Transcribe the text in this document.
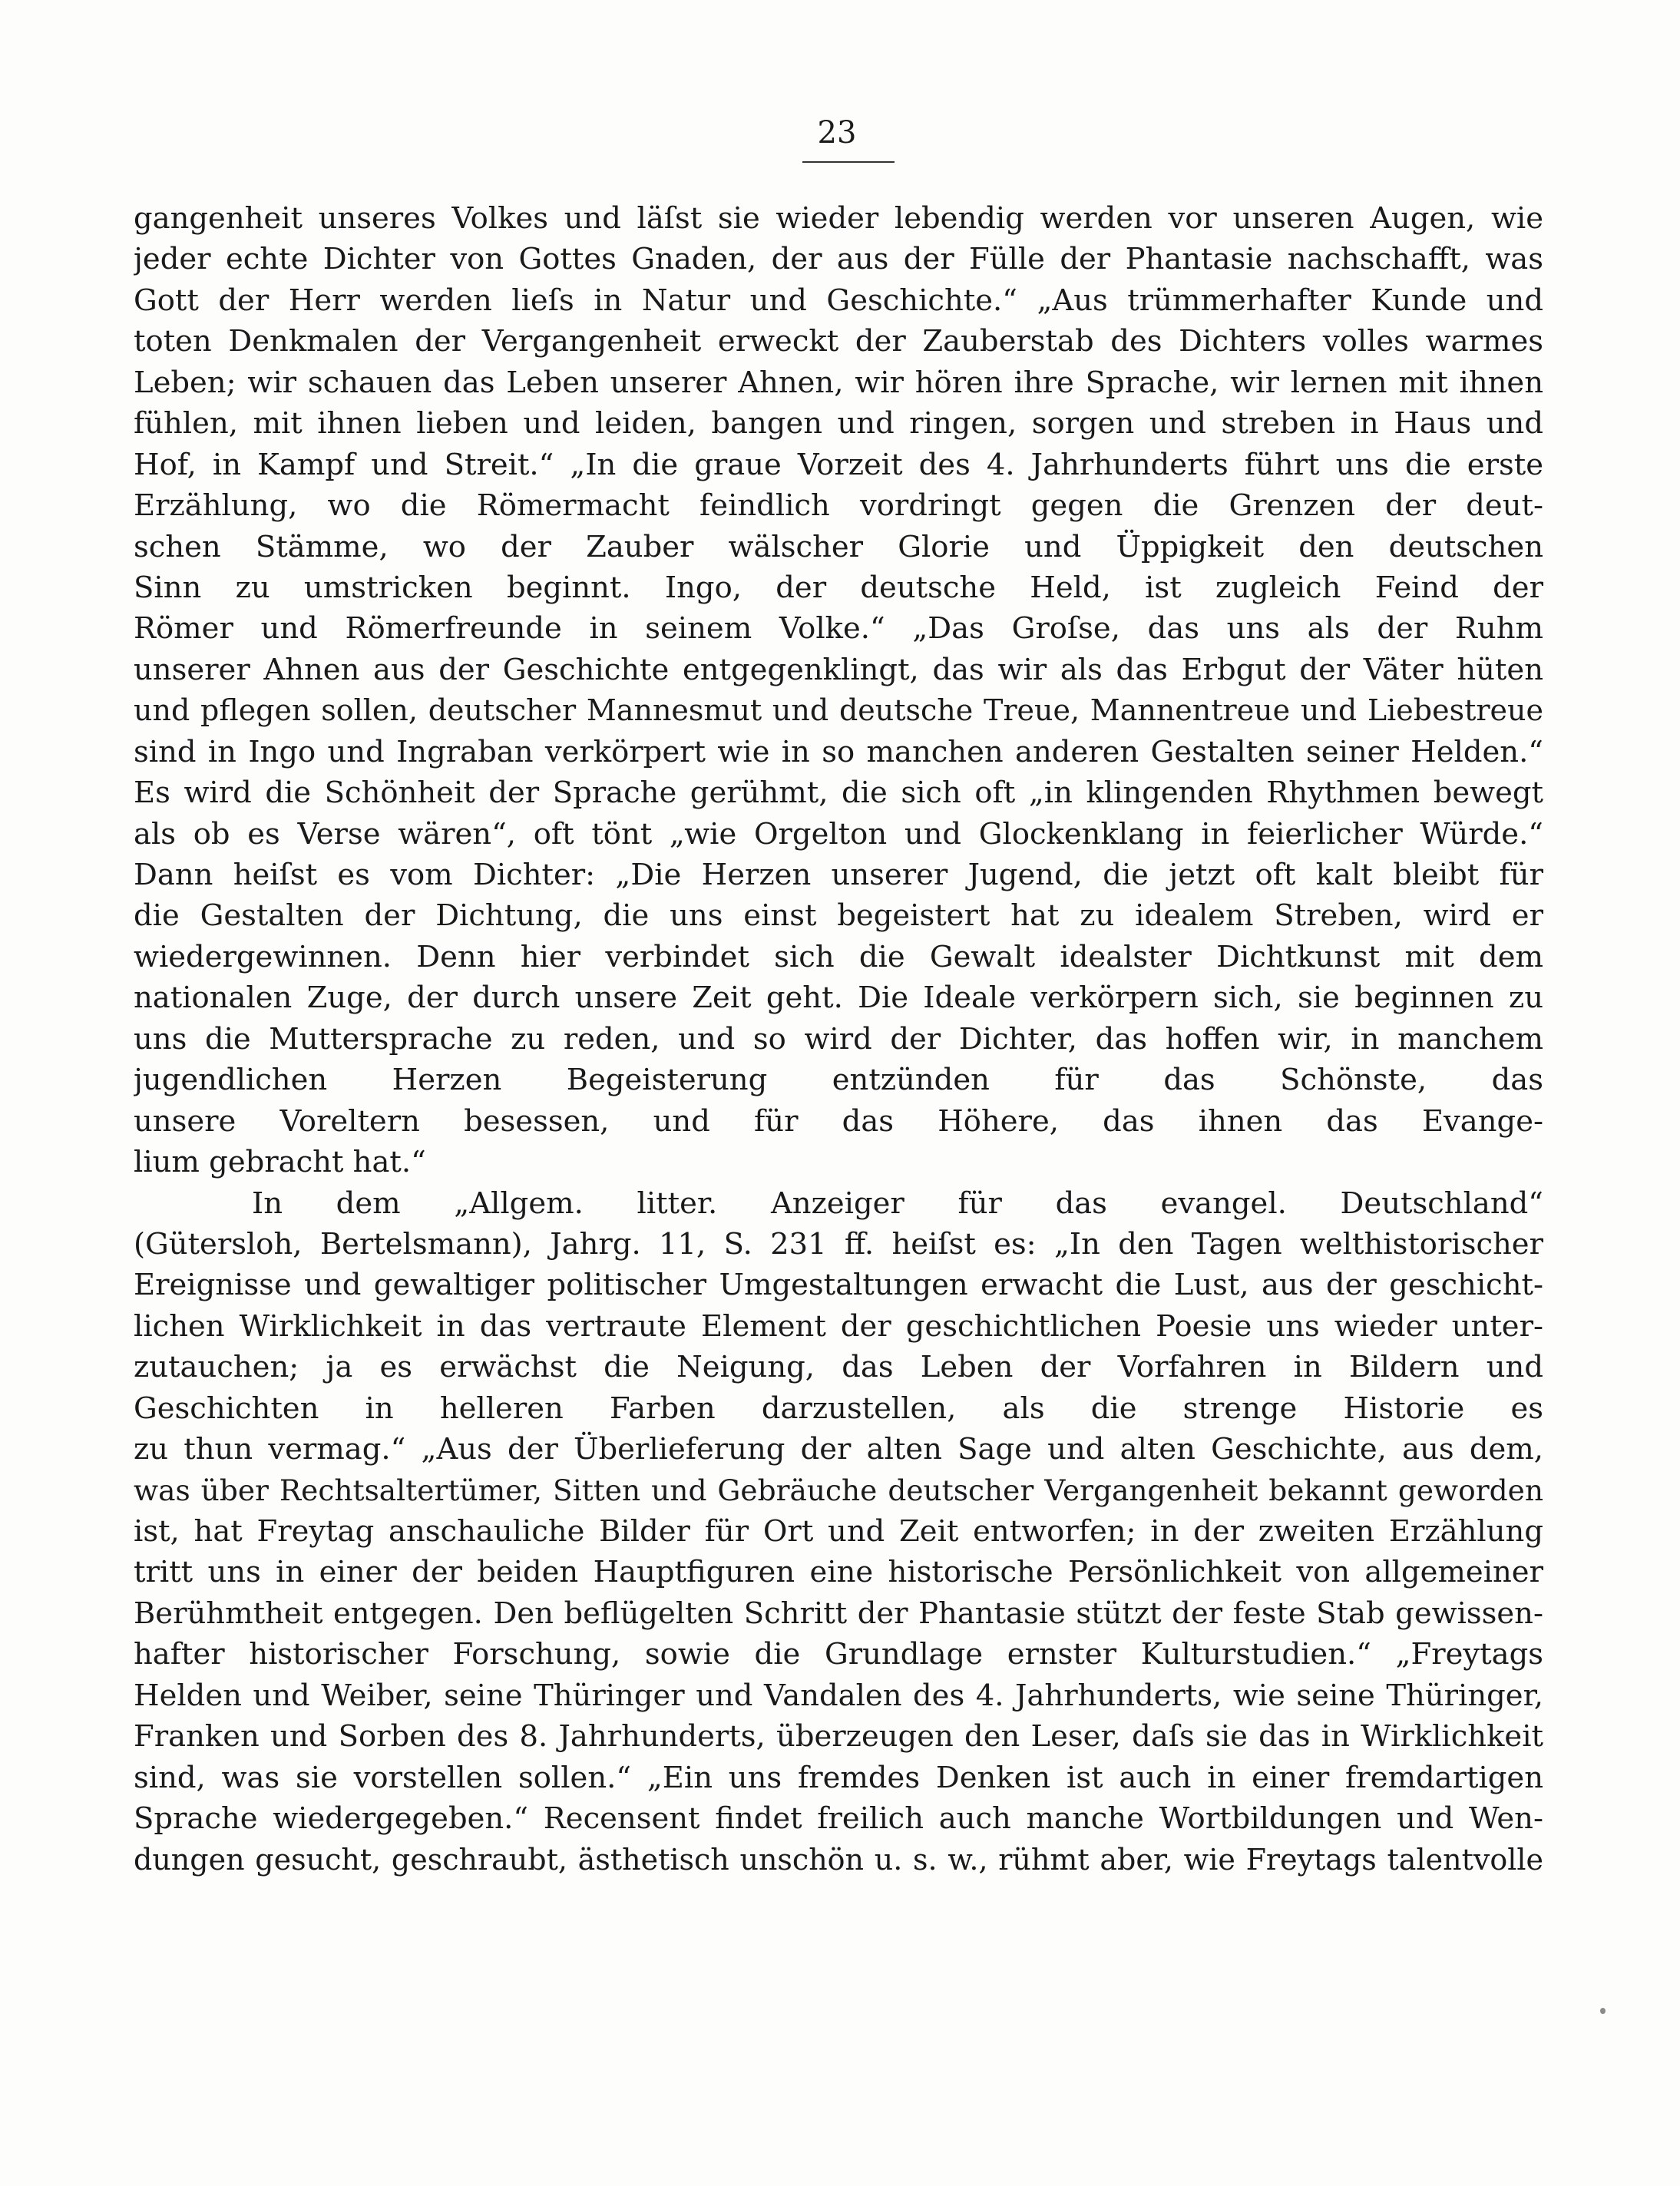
23
gangenheit unseres Volkes und läſst sie wieder lebendig werden vor unseren Augen, wie
jeder echte Dichter von Gottes Gnaden, der aus der Fülle der Phantasie nachschafft, was
Gott der Herr werden lieſs in Natur und Geschichte.“ „Aus trümmerhafter Kunde und
toten Denkmalen der Vergangenheit erweckt der Zauberstab des Dichters volles warmes
Leben; wir schauen das Leben unserer Ahnen, wir hören ihre Sprache, wir lernen mit ihnen
fühlen, mit ihnen lieben und leiden, bangen und ringen, sorgen und streben in Haus und
Hof, in Kampf und Streit.“ „In die graue Vorzeit des 4. Jahrhunderts führt uns die erste
Erzählung, wo die Römermacht feindlich vordringt gegen die Grenzen der deut-
schen Stämme, wo der Zauber wälscher Glorie und Üppigkeit den deutschen
Sinn zu umstricken beginnt. Ingo, der deutsche Held, ist zugleich Feind der
Römer und Römerfreunde in seinem Volke.“ „Das Groſse, das uns als der Ruhm
unserer Ahnen aus der Geschichte entgegenklingt, das wir als das Erbgut der Väter hüten
und pflegen sollen, deutscher Mannesmut und deutsche Treue, Mannentreue und Liebestreue
sind in Ingo und Ingraban verkörpert wie in so manchen anderen Gestalten seiner Helden.“
Es wird die Schönheit der Sprache gerühmt, die sich oft „in klingenden Rhythmen bewegt
als ob es Verse wären“, oft tönt „wie Orgelton und Glockenklang in feierlicher Würde.“
Dann heiſst es vom Dichter: „Die Herzen unserer Jugend, die jetzt oft kalt bleibt für
die Gestalten der Dichtung, die uns einst begeistert hat zu idealem Streben, wird er
wiedergewinnen. Denn hier verbindet sich die Gewalt idealster Dichtkunst mit dem
nationalen Zuge, der durch unsere Zeit geht. Die Ideale verkörpern sich, sie beginnen zu
uns die Muttersprache zu reden, und so wird der Dichter, das hoffen wir, in manchem
jugendlichen Herzen Begeisterung entzünden für das Schönste, das
unsere Voreltern besessen, und für das Höhere, das ihnen das Evange-
lium gebracht hat.“
In dem „Allgem. litter. Anzeiger für das evangel. Deutschland“
(Gütersloh, Bertelsmann), Jahrg. 11, S. 231 ff. heiſst es: „In den Tagen welthistorischer
Ereignisse und gewaltiger politischer Umgestaltungen erwacht die Lust, aus der geschicht-
lichen Wirklichkeit in das vertraute Element der geschichtlichen Poesie uns wieder unter-
zutauchen; ja es erwächst die Neigung, das Leben der Vorfahren in Bildern und
Geschichten in helleren Farben darzustellen, als die strenge Historie es
zu thun vermag.“ „Aus der Überlieferung der alten Sage und alten Geschichte, aus dem,
was über Rechtsaltertümer, Sitten und Gebräuche deutscher Vergangenheit bekannt geworden
ist, hat Freytag anschauliche Bilder für Ort und Zeit entworfen; in der zweiten Erzählung
tritt uns in einer der beiden Hauptfiguren eine historische Persönlichkeit von allgemeiner
Berühmtheit entgegen. Den beflügelten Schritt der Phantasie stützt der feste Stab gewissen-
hafter historischer Forschung, sowie die Grundlage ernster Kulturstudien.“ „Freytags
Helden und Weiber, seine Thüringer und Vandalen des 4. Jahrhunderts, wie seine Thüringer,
Franken und Sorben des 8. Jahrhunderts, überzeugen den Leser, daſs sie das in Wirklichkeit
sind, was sie vorstellen sollen.“ „Ein uns fremdes Denken ist auch in einer fremdartigen
Sprache wiedergegeben.“ Recensent findet freilich auch manche Wortbildungen und Wen-
dungen gesucht, geschraubt, ästhetisch unschön u. s. w., rühmt aber, wie Freytags talentvolle
